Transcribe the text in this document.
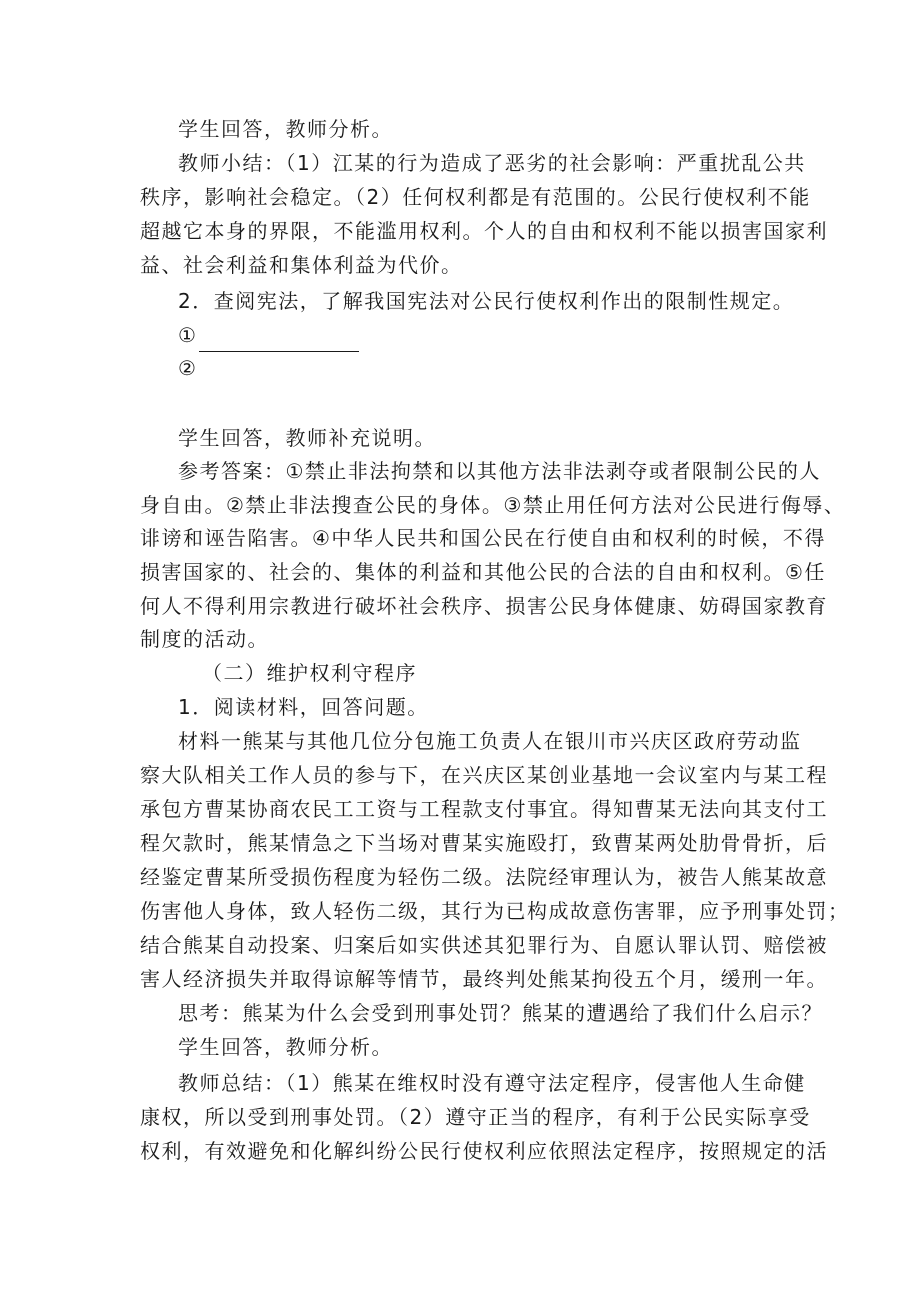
学生回答，教师分析。
教师小结：（1）江某的行为造成了恶劣的社会影响：严重扰乱公共
秩序，影响社会稳定。（2）任何权利都是有范围的。公民行使权利不能
超越它本身的界限，不能滥用权利。个人的自由和权利不能以损害国家利
益、社会利益和集体利益为代价。
2．查阅宪法，了解我国宪法对公民行使权利作出的限制性规定。
①
②
学生回答，教师补充说明。
参考答案：①禁止非法拘禁和以其他方法非法剥夺或者限制公民的人
身自由。②禁止非法搜查公民的身体。③禁止用任何方法对公民进行侮辱、
诽谤和诬告陷害。④中华人民共和国公民在行使自由和权利的时候，不得
损害国家的、社会的、集体的利益和其他公民的合法的自由和权利。⑤任
何人不得利用宗教进行破坏社会秩序、损害公民身体健康、妨碍国家教育
制度的活动。
（二）维护权利守程序
1．阅读材料，回答问题。
材料一熊某与其他几位分包施工负责人在银川市兴庆区政府劳动监
察大队相关工作人员的参与下，在兴庆区某创业基地一会议室内与某工程
承包方曹某协商农民工工资与工程款支付事宜。得知曹某无法向其支付工
程欠款时，熊某情急之下当场对曹某实施殴打，致曹某两处肋骨骨折，后
经鉴定曹某所受损伤程度为轻伤二级。法院经审理认为，被告人熊某故意
伤害他人身体，致人轻伤二级，其行为已构成故意伤害罪，应予刑事处罚；
结合熊某自动投案、归案后如实供述其犯罪行为、自愿认罪认罚、赔偿被
害人经济损失并取得谅解等情节，最终判处熊某拘役五个月，缓刑一年。
思考：熊某为什么会受到刑事处罚？熊某的遭遇给了我们什么启示？
学生回答，教师分析。
教师总结：（1）熊某在维权时没有遵守法定程序，侵害他人生命健
康权，所以受到刑事处罚。（2）遵守正当的程序，有利于公民实际享受
权利，有效避免和化解纠纷公民行使权利应依照法定程序，按照规定的活
